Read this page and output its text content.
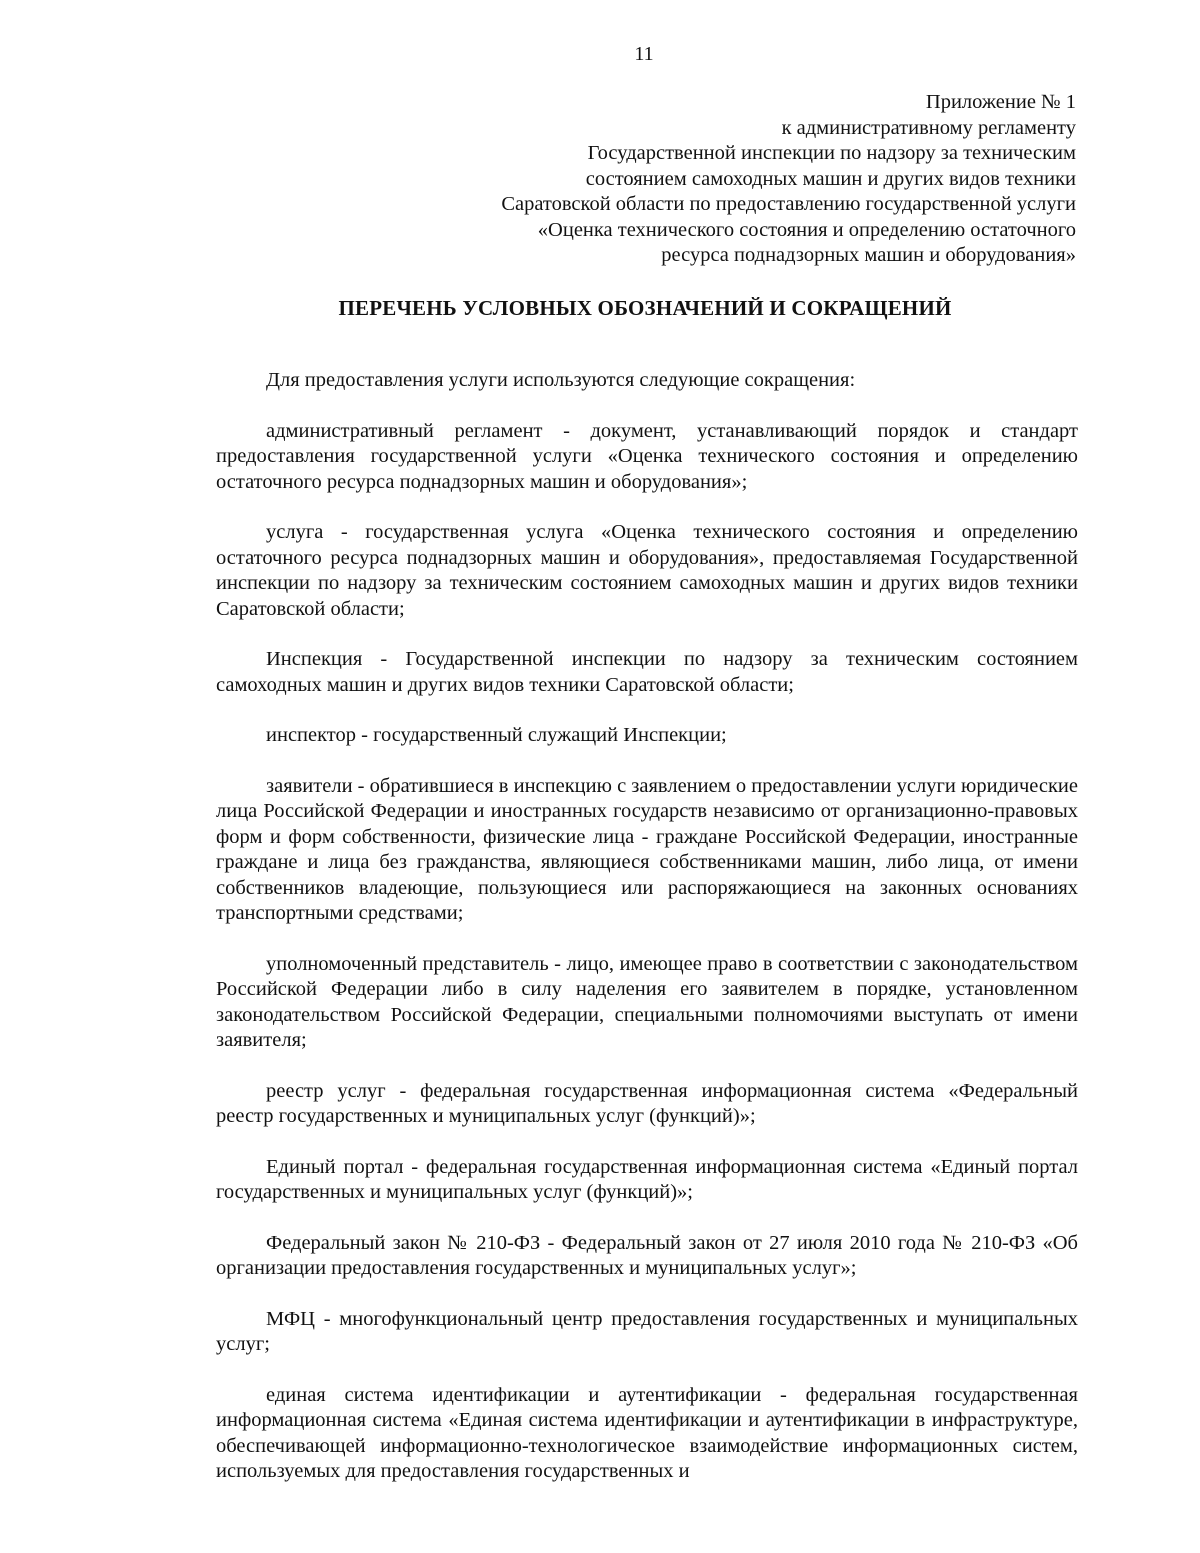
11
Приложение № 1
к административному регламенту
Государственной инспекции по надзору за техническим
состоянием самоходных машин и других видов техники
Саратовской области по предоставлению государственной услуги
«Оценка технического состояния и определению остаточного
ресурса поднадзорных машин и оборудования»
ПЕРЕЧЕНЬ УСЛОВНЫХ ОБОЗНАЧЕНИЙ И СОКРАЩЕНИЙ

Для предоставления услуги используются следующие сокращения:

административный регламент - документ, устанавливающий порядок и стандарт предоставления государственной услуги «Оценка технического состояния и определению остаточного ресурса поднадзорных машин и оборудования»;

услуга - государственная услуга «Оценка технического состояния и определению остаточного ресурса поднадзорных машин и оборудования», предоставляемая Государственной инспекции по надзору за техническим состоянием самоходных машин и других видов техники Саратовской области;

Инспекция - Государственной инспекции по надзору за техническим состоянием самоходных машин и других видов техники Саратовской области;

инспектор - государственный служащий Инспекции;

заявители - обратившиеся в инспекцию с заявлением о предоставлении услуги юридические лица Российской Федерации и иностранных государств независимо от организационно-правовых форм и форм собственности, физические лица - граждане Российской Федерации, иностранные граждане и лица без гражданства, являющиеся собственниками машин, либо лица, от имени собственников владеющие, пользующиеся или распоряжающиеся на законных основаниях транспортными средствами;

уполномоченный представитель - лицо, имеющее право в соответствии с законодательством Российской Федерации либо в силу наделения его заявителем в порядке, установленном законодательством Российской Федерации, специальными полномочиями выступать от имени заявителя;

реестр услуг - федеральная государственная информационная система «Федеральный реестр государственных и муниципальных услуг (функций)»;

Единый портал - федеральная государственная информационная система «Единый портал государственных и муниципальных услуг (функций)»;

Федеральный закон № 210-ФЗ - Федеральный закон от 27 июля 2010 года № 210-ФЗ «Об организации предоставления государственных и муниципальных услуг»;

МФЦ - многофункциональный центр предоставления государственных и муниципальных услуг;

единая система идентификации и аутентификации - федеральная государственная информационная система «Единая система идентификации и аутентификации в инфраструктуре, обеспечивающей информационно-технологическое взаимодействие информационных систем, используемых для предоставления государственных и
